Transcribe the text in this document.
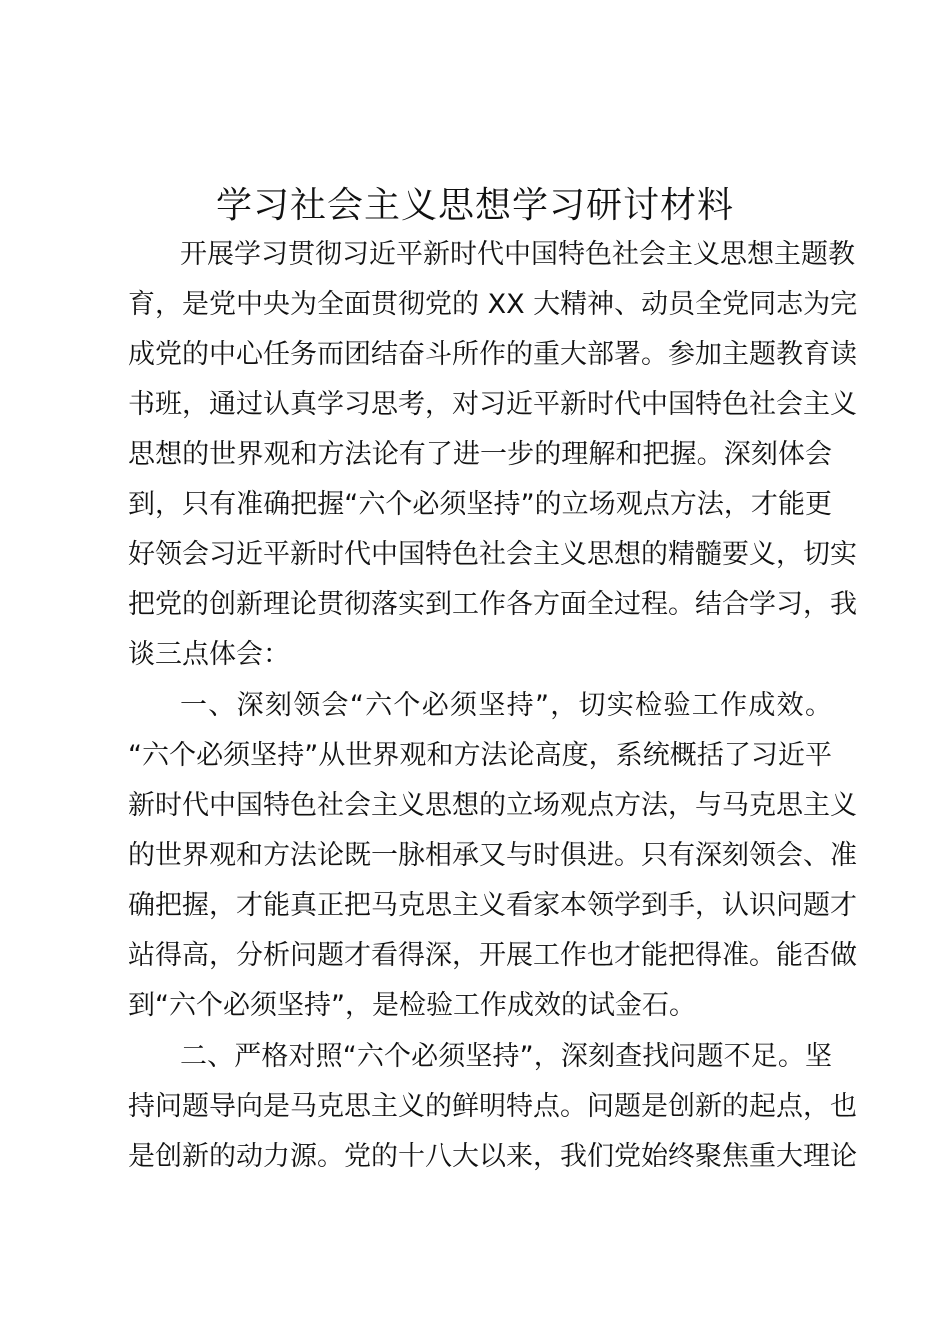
学习社会主义思想学习研讨材料
开展学习贯彻习近平新时代中国特色社会主义思想主题教
育，是党中央为全面贯彻党的 XX 大精神、动员全党同志为完
成党的中心任务而团结奋斗所作的重大部署。参加主题教育读
书班，通过认真学习思考，对习近平新时代中国特色社会主义
思想的世界观和方法论有了进一步的理解和把握。深刻体会
到，只有准确把握“六个必须坚持”的立场观点方法，才能更
好领会习近平新时代中国特色社会主义思想的精髓要义，切实
把党的创新理论贯彻落实到工作各方面全过程。结合学习，我
谈三点体会：
一、深刻领会“六个必须坚持”，切实检验工作成效。
“六个必须坚持”从世界观和方法论高度，系统概括了习近平
新时代中国特色社会主义思想的立场观点方法，与马克思主义
的世界观和方法论既一脉相承又与时俱进。只有深刻领会、准
确把握，才能真正把马克思主义看家本领学到手，认识问题才
站得高，分析问题才看得深，开展工作也才能把得准。能否做
到“六个必须坚持”，是检验工作成效的试金石。
二、严格对照“六个必须坚持”，深刻查找问题不足。坚
持问题导向是马克思主义的鲜明特点。问题是创新的起点，也
是创新的动力源。党的十八大以来，我们党始终聚焦重大理论
